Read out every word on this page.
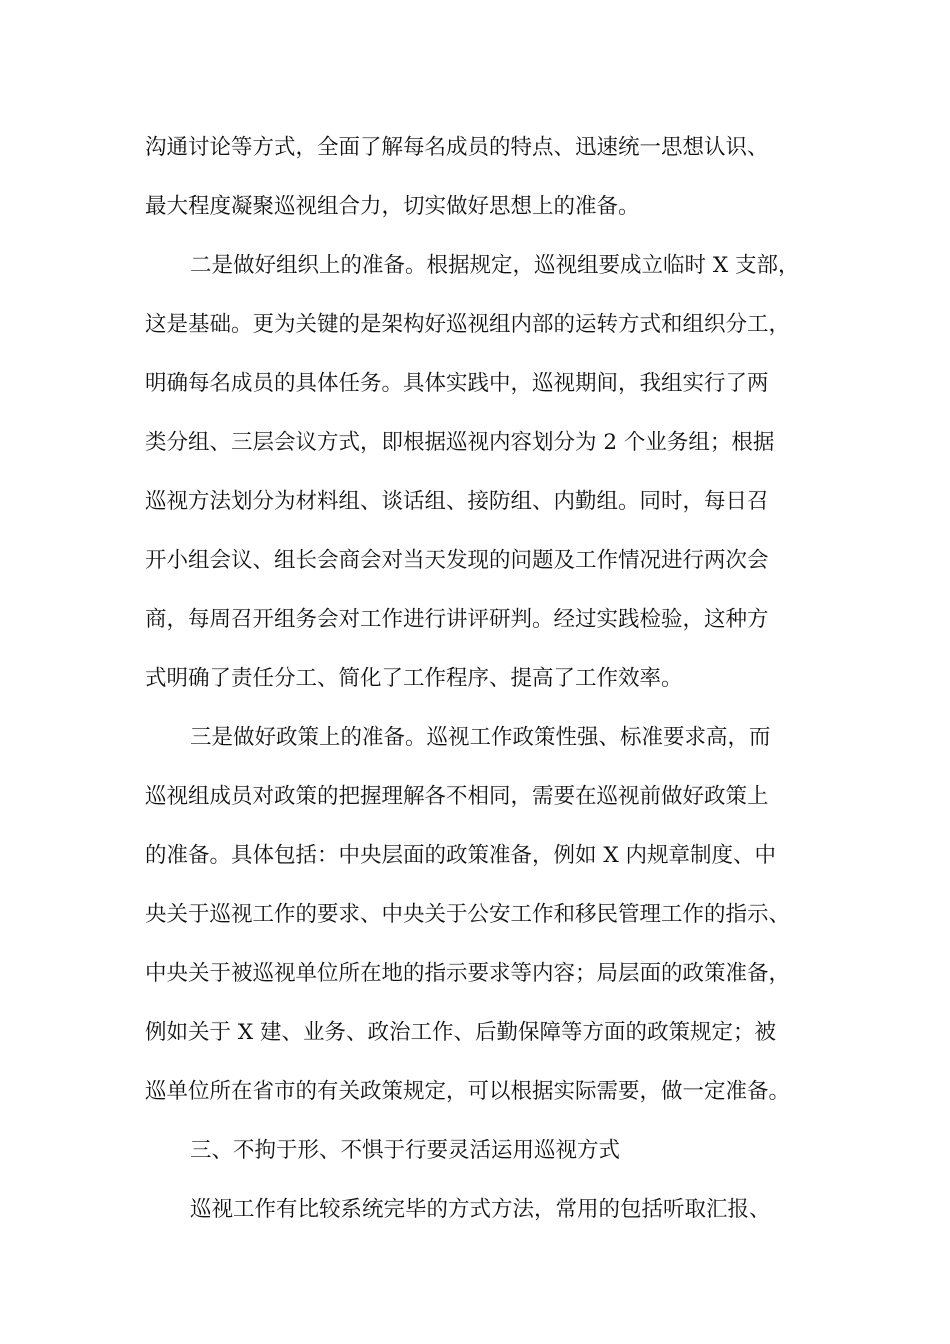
沟通讨论等方式，全面了解每名成员的特点、迅速统一思想认识、
最大程度凝聚巡视组合力，切实做好思想上的准备。
二是做好组织上的准备。根据规定，巡视组要成立临时 X 支部，
这是基础。更为关键的是架构好巡视组内部的运转方式和组织分工，
明确每名成员的具体任务。具体实践中，巡视期间，我组实行了两
类分组、三层会议方式，即根据巡视内容划分为 2 个业务组；根据
巡视方法划分为材料组、谈话组、接防组、内勤组。同时，每日召
开小组会议、组长会商会对当天发现的问题及工作情况进行两次会
商，每周召开组务会对工作进行讲评研判。经过实践检验，这种方
式明确了责任分工、简化了工作程序、提高了工作效率。
三是做好政策上的准备。巡视工作政策性强、标准要求高，而
巡视组成员对政策的把握理解各不相同，需要在巡视前做好政策上
的准备。具体包括：中央层面的政策准备，例如 X 内规章制度、中
央关于巡视工作的要求、中央关于公安工作和移民管理工作的指示、
中央关于被巡视单位所在地的指示要求等内容；局层面的政策准备，
例如关于 X 建、业务、政治工作、后勤保障等方面的政策规定；被
巡单位所在省市的有关政策规定，可以根据实际需要，做一定准备。
三、不拘于形、不惧于行要灵活运用巡视方式
巡视工作有比较系统完毕的方式方法，常用的包括听取汇报、
